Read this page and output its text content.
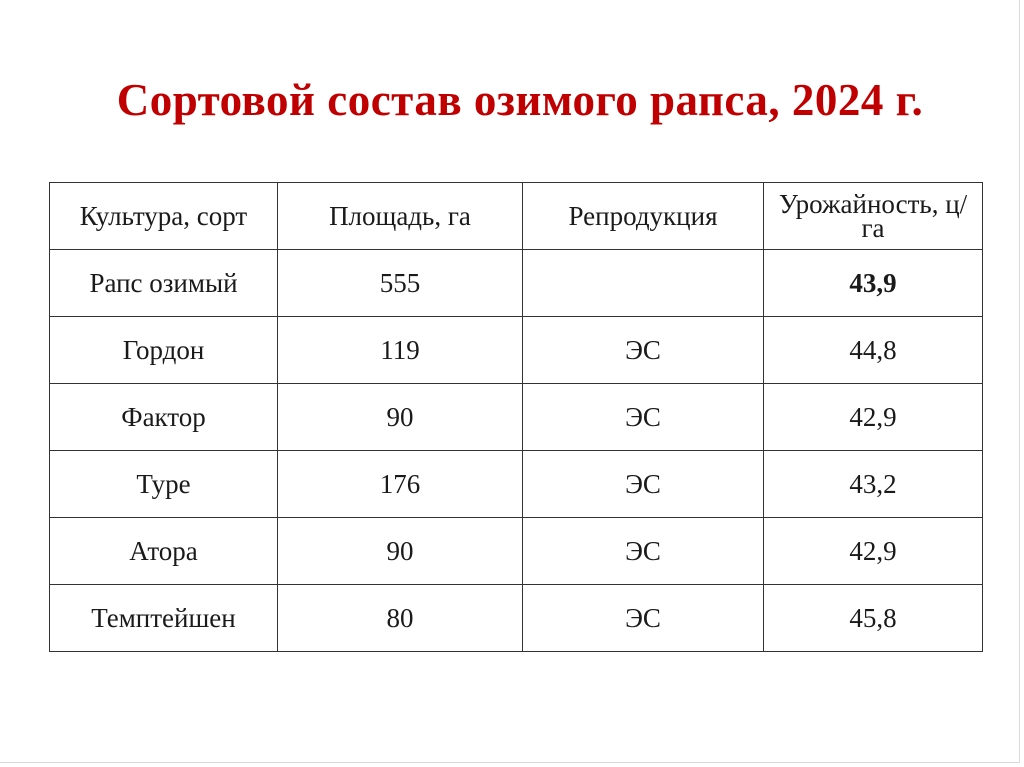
Сортовой состав озимого рапса, 2024 г.
Культура, сорт	Площадь, га	Репродукция	Урожайность, ц/га
Рапс озимый	555		43,9
Гордон	119	ЭС	44,8
Фактор	90	ЭС	42,9
Туре	176	ЭС	43,2
Атора	90	ЭС	42,9
Темптейшен	80	ЭС	45,8
